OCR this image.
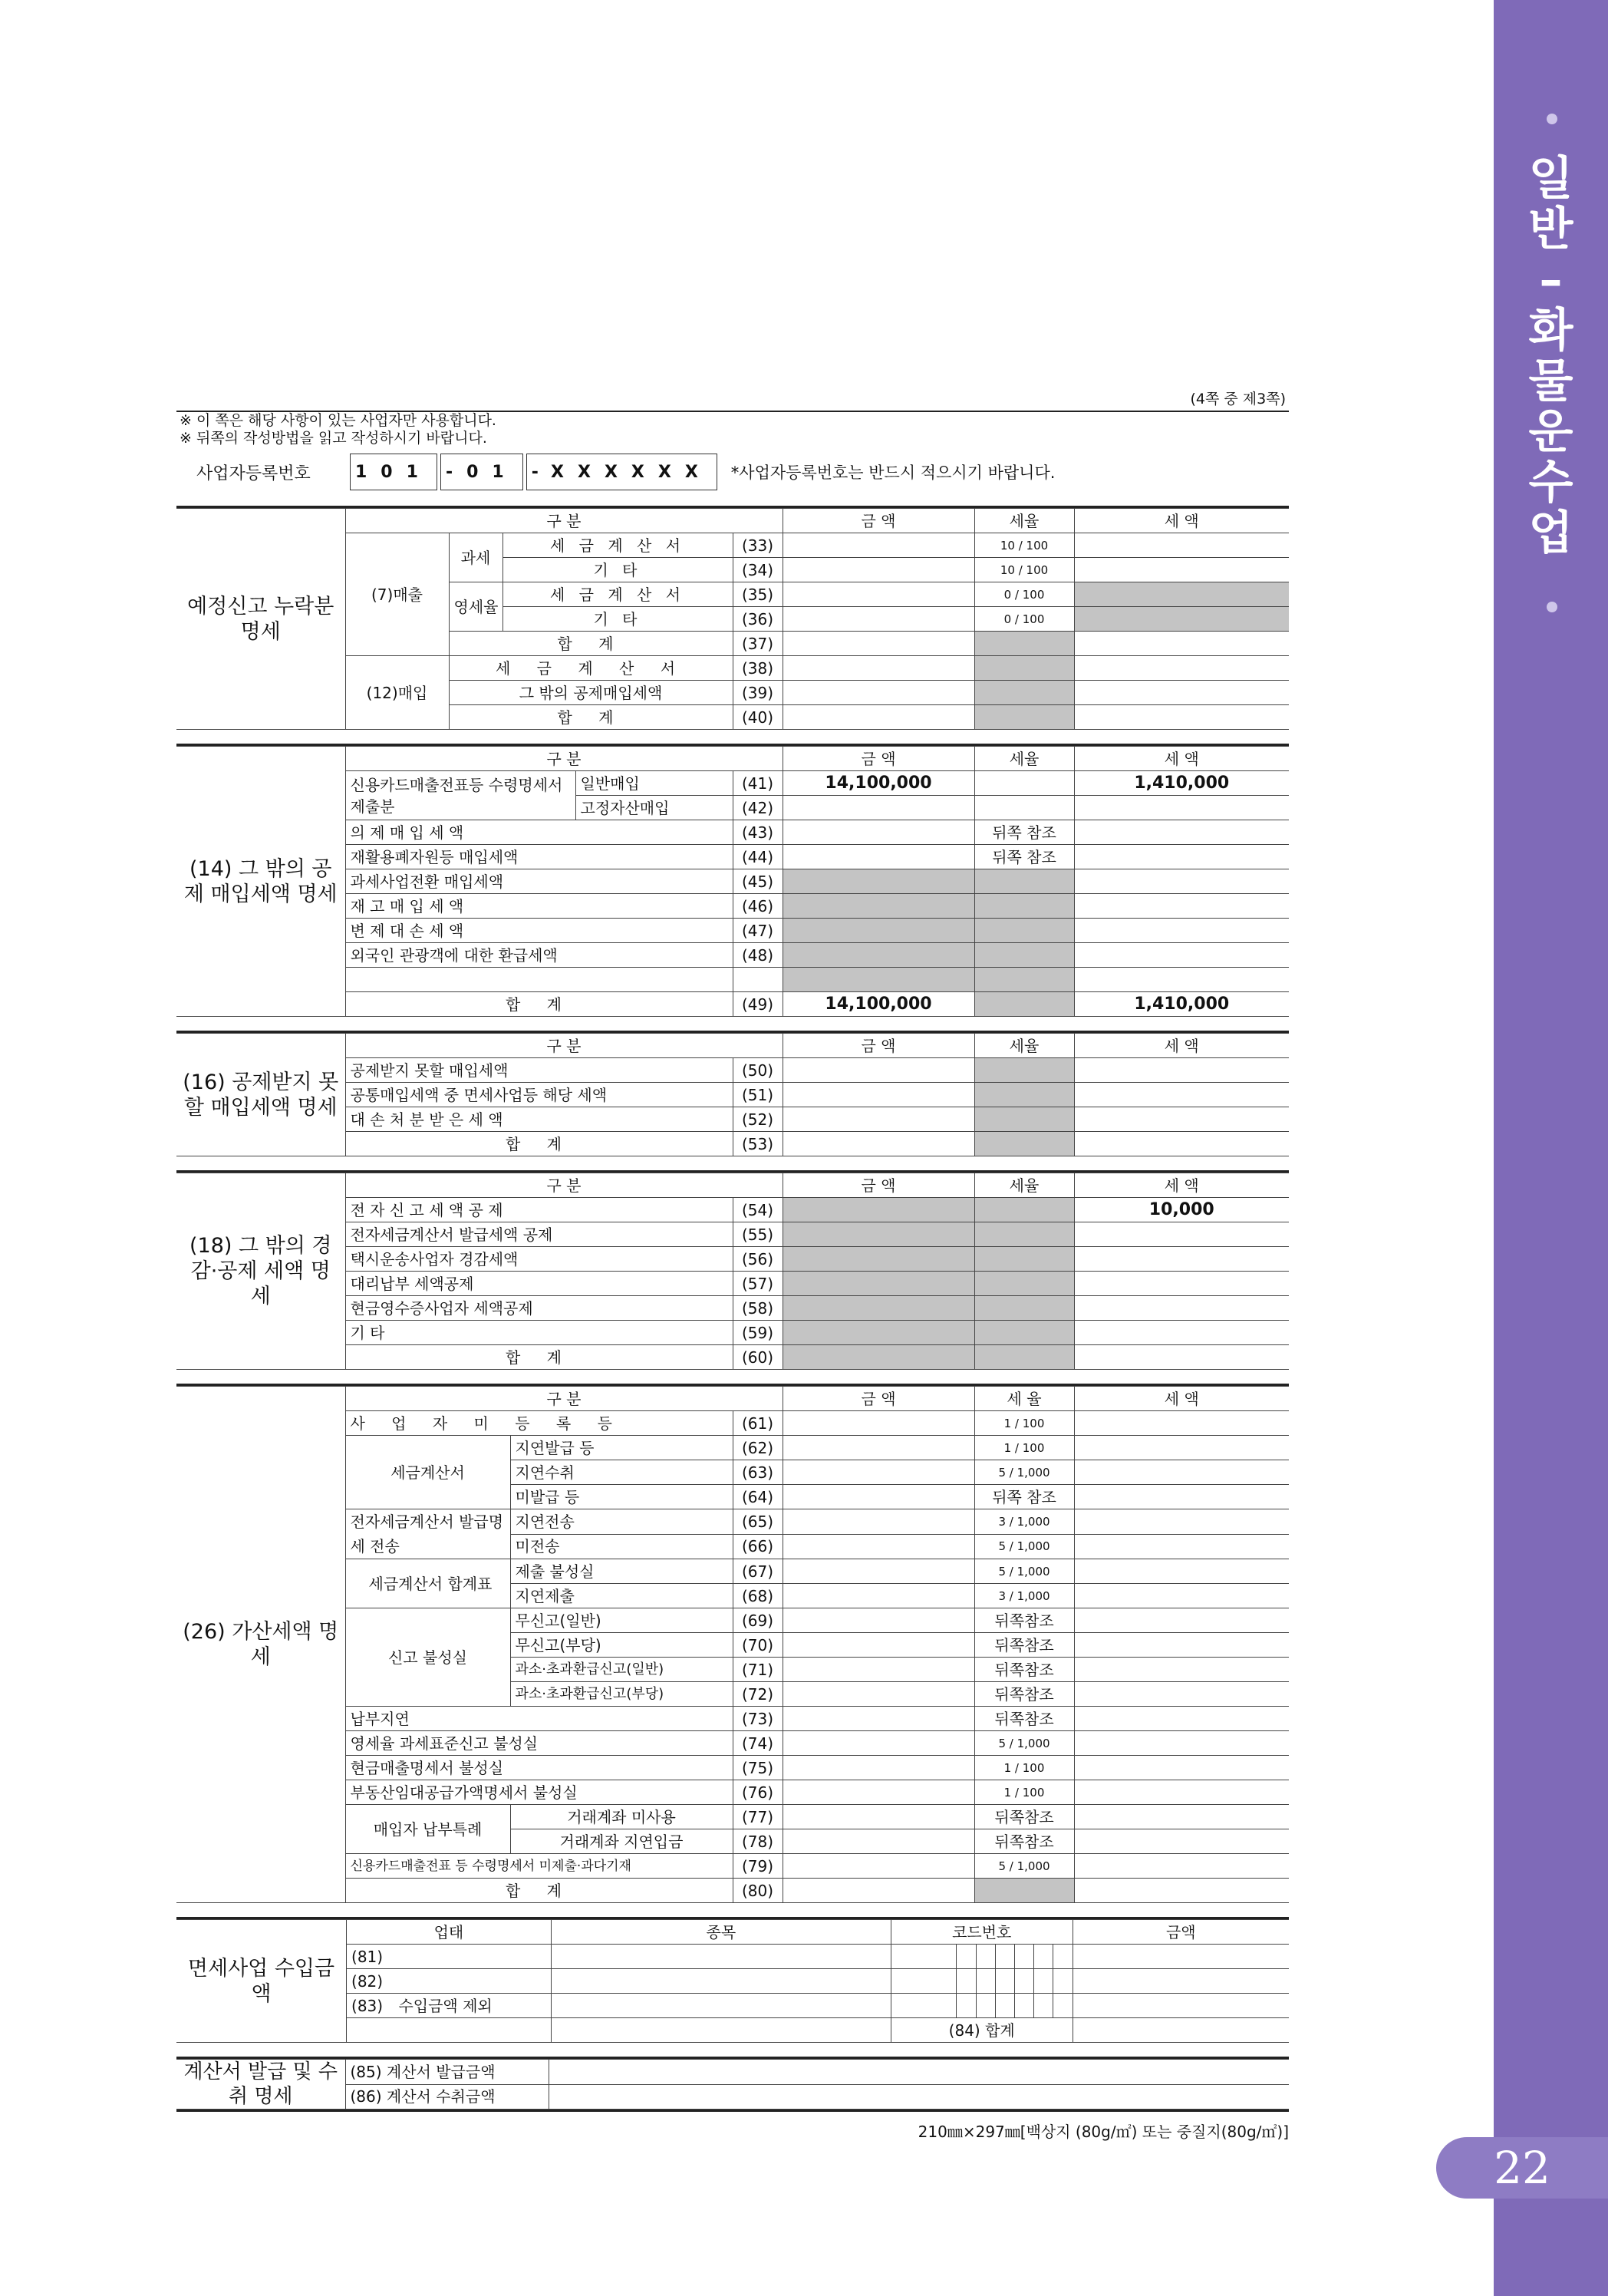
일
반
–
화
물
운
수
업
22
(4쪽 중 제3쪽)
※ 이 쪽은 해당 사항이 있는 사업자만 사용합니다.
※ 뒤쪽의 작성방법을 읽고 작성하시기 바랍니다.
사업자등록번호	101 -01 -XXXXXX	*사업자등록번호는 반드시 적으시기 바랍니다.
예정신고 누락분 명세	구 분				금 액	세율	세 액
	(7)매출	과세	세 금 계 산 서	(33)		10 / 100	
			기 타	(34)		10 / 100	
		영세율	세 금 계 산 서	(35)		0 / 100	
			기 타	(36)		0 / 100	
		합 계		(37)			
	(12)매입	세 금 계 산 서		(38)			
		그 밖의 공제매입세액		(39)			
		합 계		(40)			
(14) 그 밖의 공제 매입세액 명세	구 분			금 액	세율	세 액
	신용카드매출전표등 수령명세서 제출분	일반매입	(41)	14,100,000		1,410,000
		고정자산매입	(42)			
	의 제 매 입 세 액		(43)		뒤쪽 참조	
	재활용폐자원등 매입세액		(44)		뒤쪽 참조	
	과세사업전환 매입세액		(45)			
	재 고 매 입 세 액		(46)			
	변 제 대 손 세 액		(47)			
	외국인 관광객에 대한 환급세액		(48)			

	합 계		(49)	14,100,000		1,410,000
(16) 공제받지 못할 매입세액 명세	구 분		금 액	세율	세 액
	공제받지 못할 매입세액	(50)			
	공통매입세액 중 면세사업등 해당 세액	(51)			
	대 손 처 분 받 은 세 액	(52)			
	합 계	(53)			
(18) 그 밖의 경감·공제 세액 명세	구 분		금 액	세율	세 액
	전 자 신 고 세 액 공 제	(54)			10,000
	전자세금계산서 발급세액 공제	(55)			
	택시운송사업자 경감세액	(56)			
	대리납부 세액공제	(57)			
	현금영수증사업자 세액공제	(58)			
	기 타	(59)			
	합 계	(60)			
(26) 가산세액 명세	구 분			금 액	세 율	세 액
	사 업 자 미 등 록 등		(61)		1 / 100	
	세금계산서	지연발급 등	(62)		1 / 100	
		지연수취	(63)		5 / 1,000	
		미발급 등	(64)		뒤쪽 참조	
	전자세금계산서 발급명세 전송	지연전송	(65)		3 / 1,000	
		미전송	(66)		5 / 1,000	
	세금계산서 합계표	제출 불성실	(67)		5 / 1,000	
		지연제출	(68)		3 / 1,000	
	신고 불성실	무신고(일반)	(69)		뒤쪽참조	
		무신고(부당)	(70)		뒤쪽참조	
		과소·초과환급신고(일반)	(71)		뒤쪽참조	
		과소·초과환급신고(부당)	(72)		뒤쪽참조	
	납부지연		(73)		뒤쪽참조	
	영세율 과세표준신고 불성실		(74)		5 / 1,000	
	현금매출명세서 불성실		(75)		1 / 100	
	부동산임대공급가액명세서 불성실		(76)		1 / 100	
	매입자 납부특례	거래계좌 미사용	(77)		뒤쪽참조	
		거래계좌 지연입금	(78)		뒤쪽참조	
	신용카드매출전표 등 수령명세서 미제출·과다기재		(79)		5 / 1,000	
	합 계		(80)			
면세사업 수입금액	업태	종목	코드번호							금액
	(81)									
	(82)									
	(83) 수입금액 제외									
			(84) 합계							
계산서 발급 및 수취 명세	(85) 계산서 발급금액	
	(86) 계산서 수취금액	
210㎜×297㎜[백상지 (80g/㎡) 또는 중질지(80g/㎡)]
